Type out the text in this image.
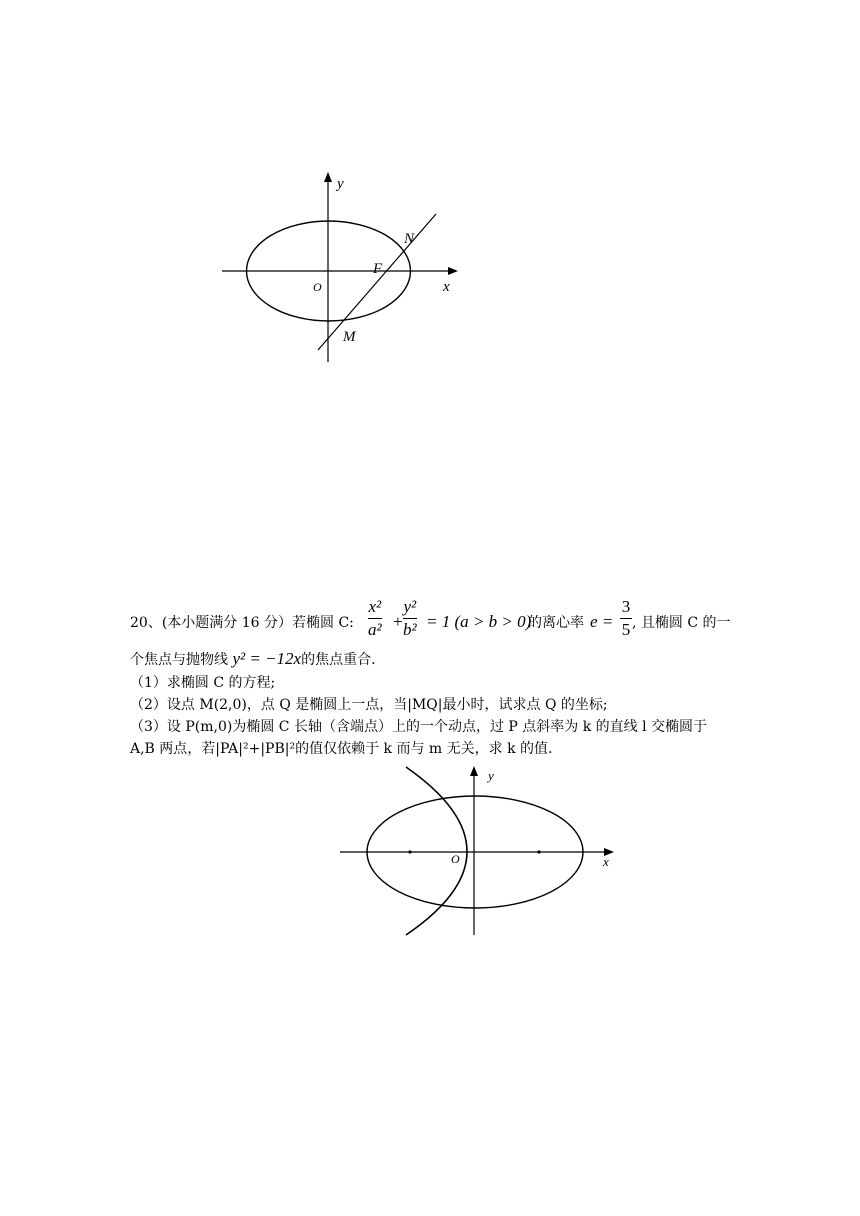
y
x
O
N
F
M
20、(本小题满分 16 分）若椭圆 C:
x²
a² +
y²
b² = 1 (a > b > 0)
的离心率 e =
3
5 , 且椭圆 C 的一
个焦点与抛物线 y² = −12x的焦点重合.
（1）求椭圆 C 的方程;
（2）设点 M(2,0)，点 Q 是椭圆上一点，当|MQ|最小时，试求点 Q 的坐标;
（3）设 P(m,0)为椭圆 C 长轴（含端点）上的一个动点，过 P 点斜率为 k 的直线 l 交椭圆于
A,B 两点，若|PA|²+|PB|²的值仅依赖于 k 而与 m 无关，求 k 的值.
y
x
O
